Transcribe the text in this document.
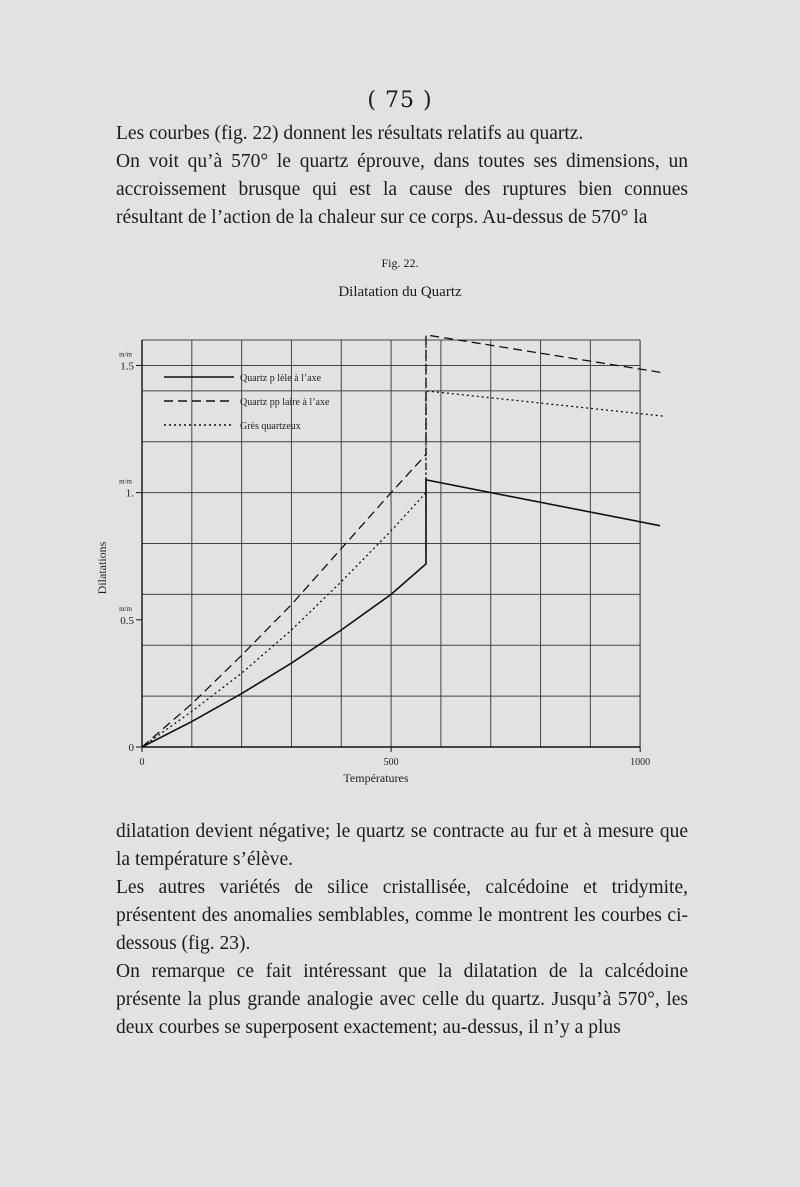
( 75 )

Les courbes (fig. 22) donnent les résultats relatifs au quartz.

On voit qu’à 570° le quartz éprouve, dans toutes ses dimensions, un accroissement brusque qui est la cause des ruptures bien connues résultant de l’action de la chaleur sur ce corps. Au-dessus de 570° la

Fig. 22.
Dilatation du Quartz
0	500	1000
0
0.5
m/m
1.
m/m
1.5
m/m
Quartz p lèle à l’axe
Quartz pp laire à l’axe
Grès quartzeux
Températures
Dilatations

dilatation devient négative; le quartz se contracte au fur et à mesure que la température s’élève.

Les autres variétés de silice cristallisée, calcédoine et tridymite, présentent des anomalies semblables, comme le montrent les courbes ci-dessous (fig. 23).

On remarque ce fait intéressant que la dilatation de la calcédoine présente la plus grande analogie avec celle du quartz. Jusqu’à 570°, les deux courbes se superposent exactement; au-dessus, il n’y a plus
